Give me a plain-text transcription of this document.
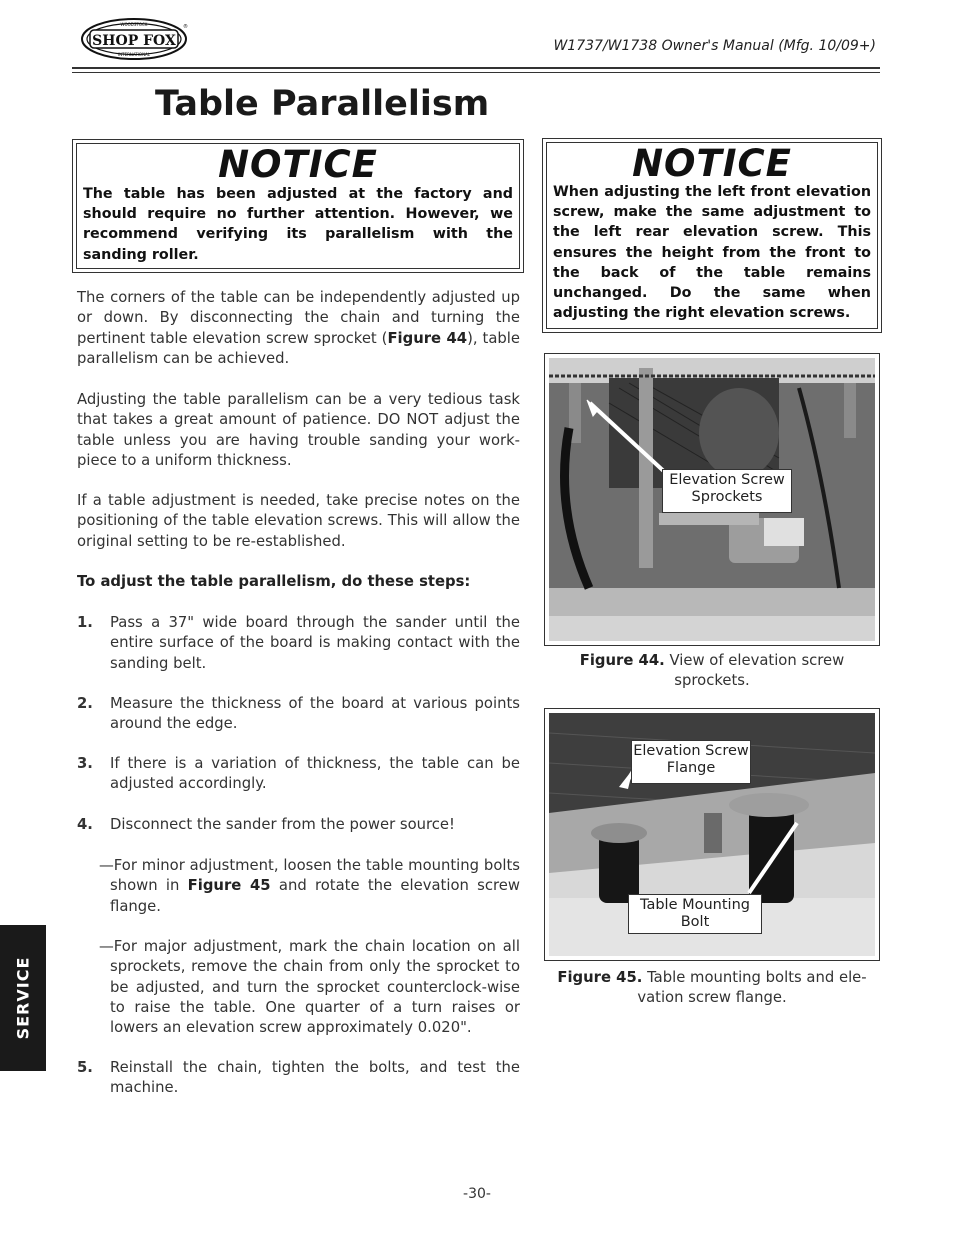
SHOP FOX
WOODSTOCK
INTERNATIONAL
®
W1737/W1738 Owner's Manual (Mfg. 10/09+)
Table Parallelism
NOTICE

The table has been adjusted at the factory and should require no further attention. However, we recommend verifying its parallelism with the sanding roller.

NOTICE

When adjusting the left front elevation screw, make the same adjustment to the left rear elevation screw. This ensures the height from the front to the back of the table remains unchanged. Do the same when adjusting the right elevation screws.

The corners of the table can be independently adjusted up or down. By disconnecting the chain and turning the pertinent table elevation screw sprocket (Figure 44), table parallelism can be achieved.

Adjusting the table parallelism can be a very tedious task that takes a great amount of patience. DO NOT adjust the table unless you are having trouble sanding your work-piece to a uniform thickness.

If a table adjustment is needed, take precise notes on the positioning of the table elevation screws. This will allow the original setting to be re-established.

To adjust the table parallelism, do these steps:

1. Pass a 37" wide board through the sander until the entire surface of the board is making contact with the sanding belt.
2. Measure the thickness of the board at various points around the edge.
3. If there is a variation of thickness, the table can be adjusted accordingly.
4. Disconnect the sander from the power source!
—For minor adjustment, loosen the table mounting bolts shown in Figure 45 and rotate the elevation screw flange.
—For major adjustment, mark the chain location on all sprockets, remove the chain from only the sprocket to be adjusted, and turn the sprocket counterclock-wise to raise the table. One quarter of a turn raises or lowers an elevation screw approximately 0.020".
5. Reinstall the chain, tighten the bolts, and test the machine.
Elevation Screw Sprockets
Figure 44. View of elevation screw sprockets.
Elevation Screw Flange
Table Mounting Bolt
Figure 45. Table mounting bolts and ele-vation screw flange.
SERVICE
-30-
